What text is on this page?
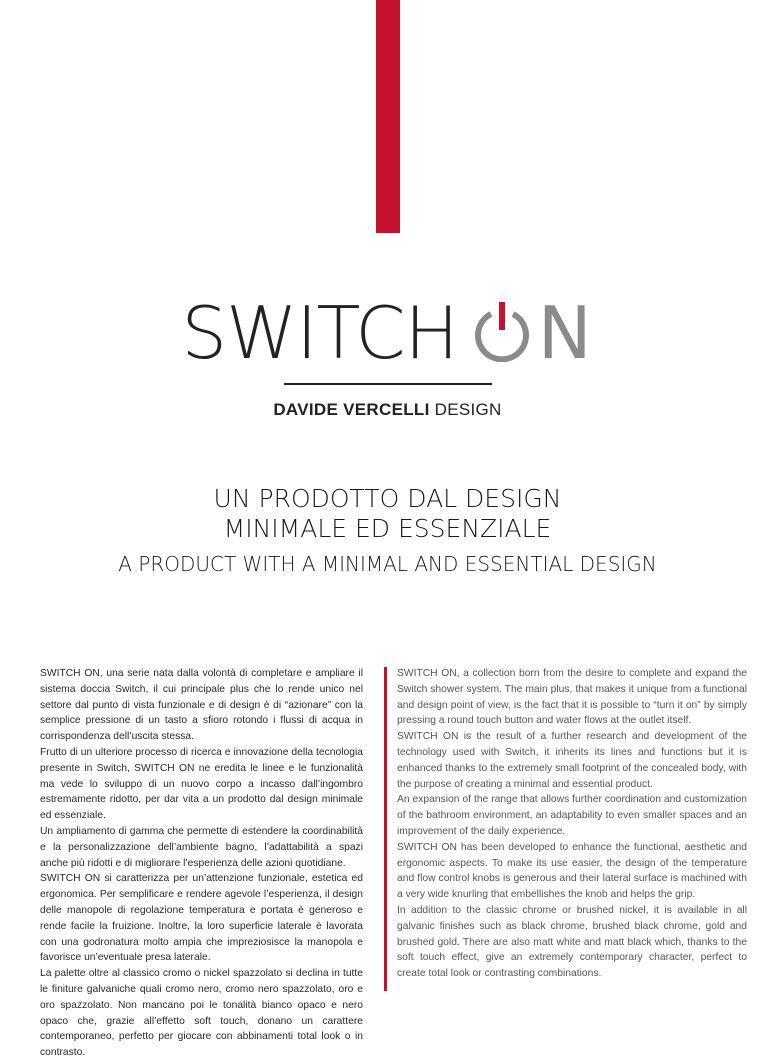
SWITCH N
DAVIDE VERCELLI DESIGN
UN PRODOTTO DAL DESIGN
MINIMALE ED ESSENZIALE
A PRODUCT WITH A MINIMAL AND ESSENTIAL DESIGN

SWITCH ON, una serie nata dalla volontà di completare e ampliare il sistema doccia Switch, il cui principale plus che lo rende unico nel settore dal punto di vista funzionale e di design è di “azionare” con la semplice pressione di un tasto a sfioro rotondo i flussi di acqua in corrispondenza dell’uscita stessa.

Frutto di un ulteriore processo di ricerca e innovazione della tecnologia presente in Switch, SWITCH ON ne eredita le linee e le funzionalità ma vede lo sviluppo di un nuovo corpo a incasso dall’ingombro estremamente ridotto, per dar vita a un prodotto dal design minimale ed essenziale.

Un ampliamento di gamma che permette di estendere la coordinabilità e la personalizzazione dell’ambiente bagno, l’adattabilità a spazi anche più ridotti e di migliorare l’esperienza delle azioni quotidiane.

SWITCH ON si caratterizza per un’attenzione funzionale, estetica ed ergonomica. Per semplificare e rendere agevole l’esperienza, il design delle manopole di regolazione temperatura e portata è generoso e rende facile la fruizione. Inoltre, la loro superficie laterale è lavorata con una godronatura molto ampia che impreziosisce la manopola e favorisce un’eventuale presa laterale.

La palette oltre al classico cromo o nickel spazzolato si declina in tutte le finiture galvaniche quali cromo nero, cromo nero spazzolato, oro e oro spazzolato. Non mancano poi le tonalità bianco opaco e nero opaco che, grazie all’effetto soft touch, donano un carattere contemporaneo, perfetto per giocare con abbinamenti total look o in contrasto.

SWITCH ON, a collection born from the desire to complete and expand the Switch shower system. The main plus, that makes it unique from a functional and design point of view, is the fact that it is possible to “turn it on” by simply pressing a round touch button and water flows at the outlet itself.

SWITCH ON is the result of a further research and development of the technology used with Switch, it inherits its lines and functions but it is enhanced thanks to the extremely small footprint of the concealed body, with the purpose of creating a minimal and essential product.

An expansion of the range that allows further coordination and customization of the bathroom environment, an adaptability to even smaller spaces and an improvement of the daily experience.

SWITCH ON has been developed to enhance the functional, aesthetic and ergonomic aspects. To make its use easier, the design of the temperature and flow control knobs is generous and their lateral surface is machined with a very wide knurling that embellishes the knob and helps the grip.

In addition to the classic chrome or brushed nickel, it is available in all galvanic finishes such as black chrome, brushed black chrome, gold and brushed gold. There are also matt white and matt black which, thanks to the soft touch effect, give an extremely contemporary character, perfect to create total look or contrasting combinations.
